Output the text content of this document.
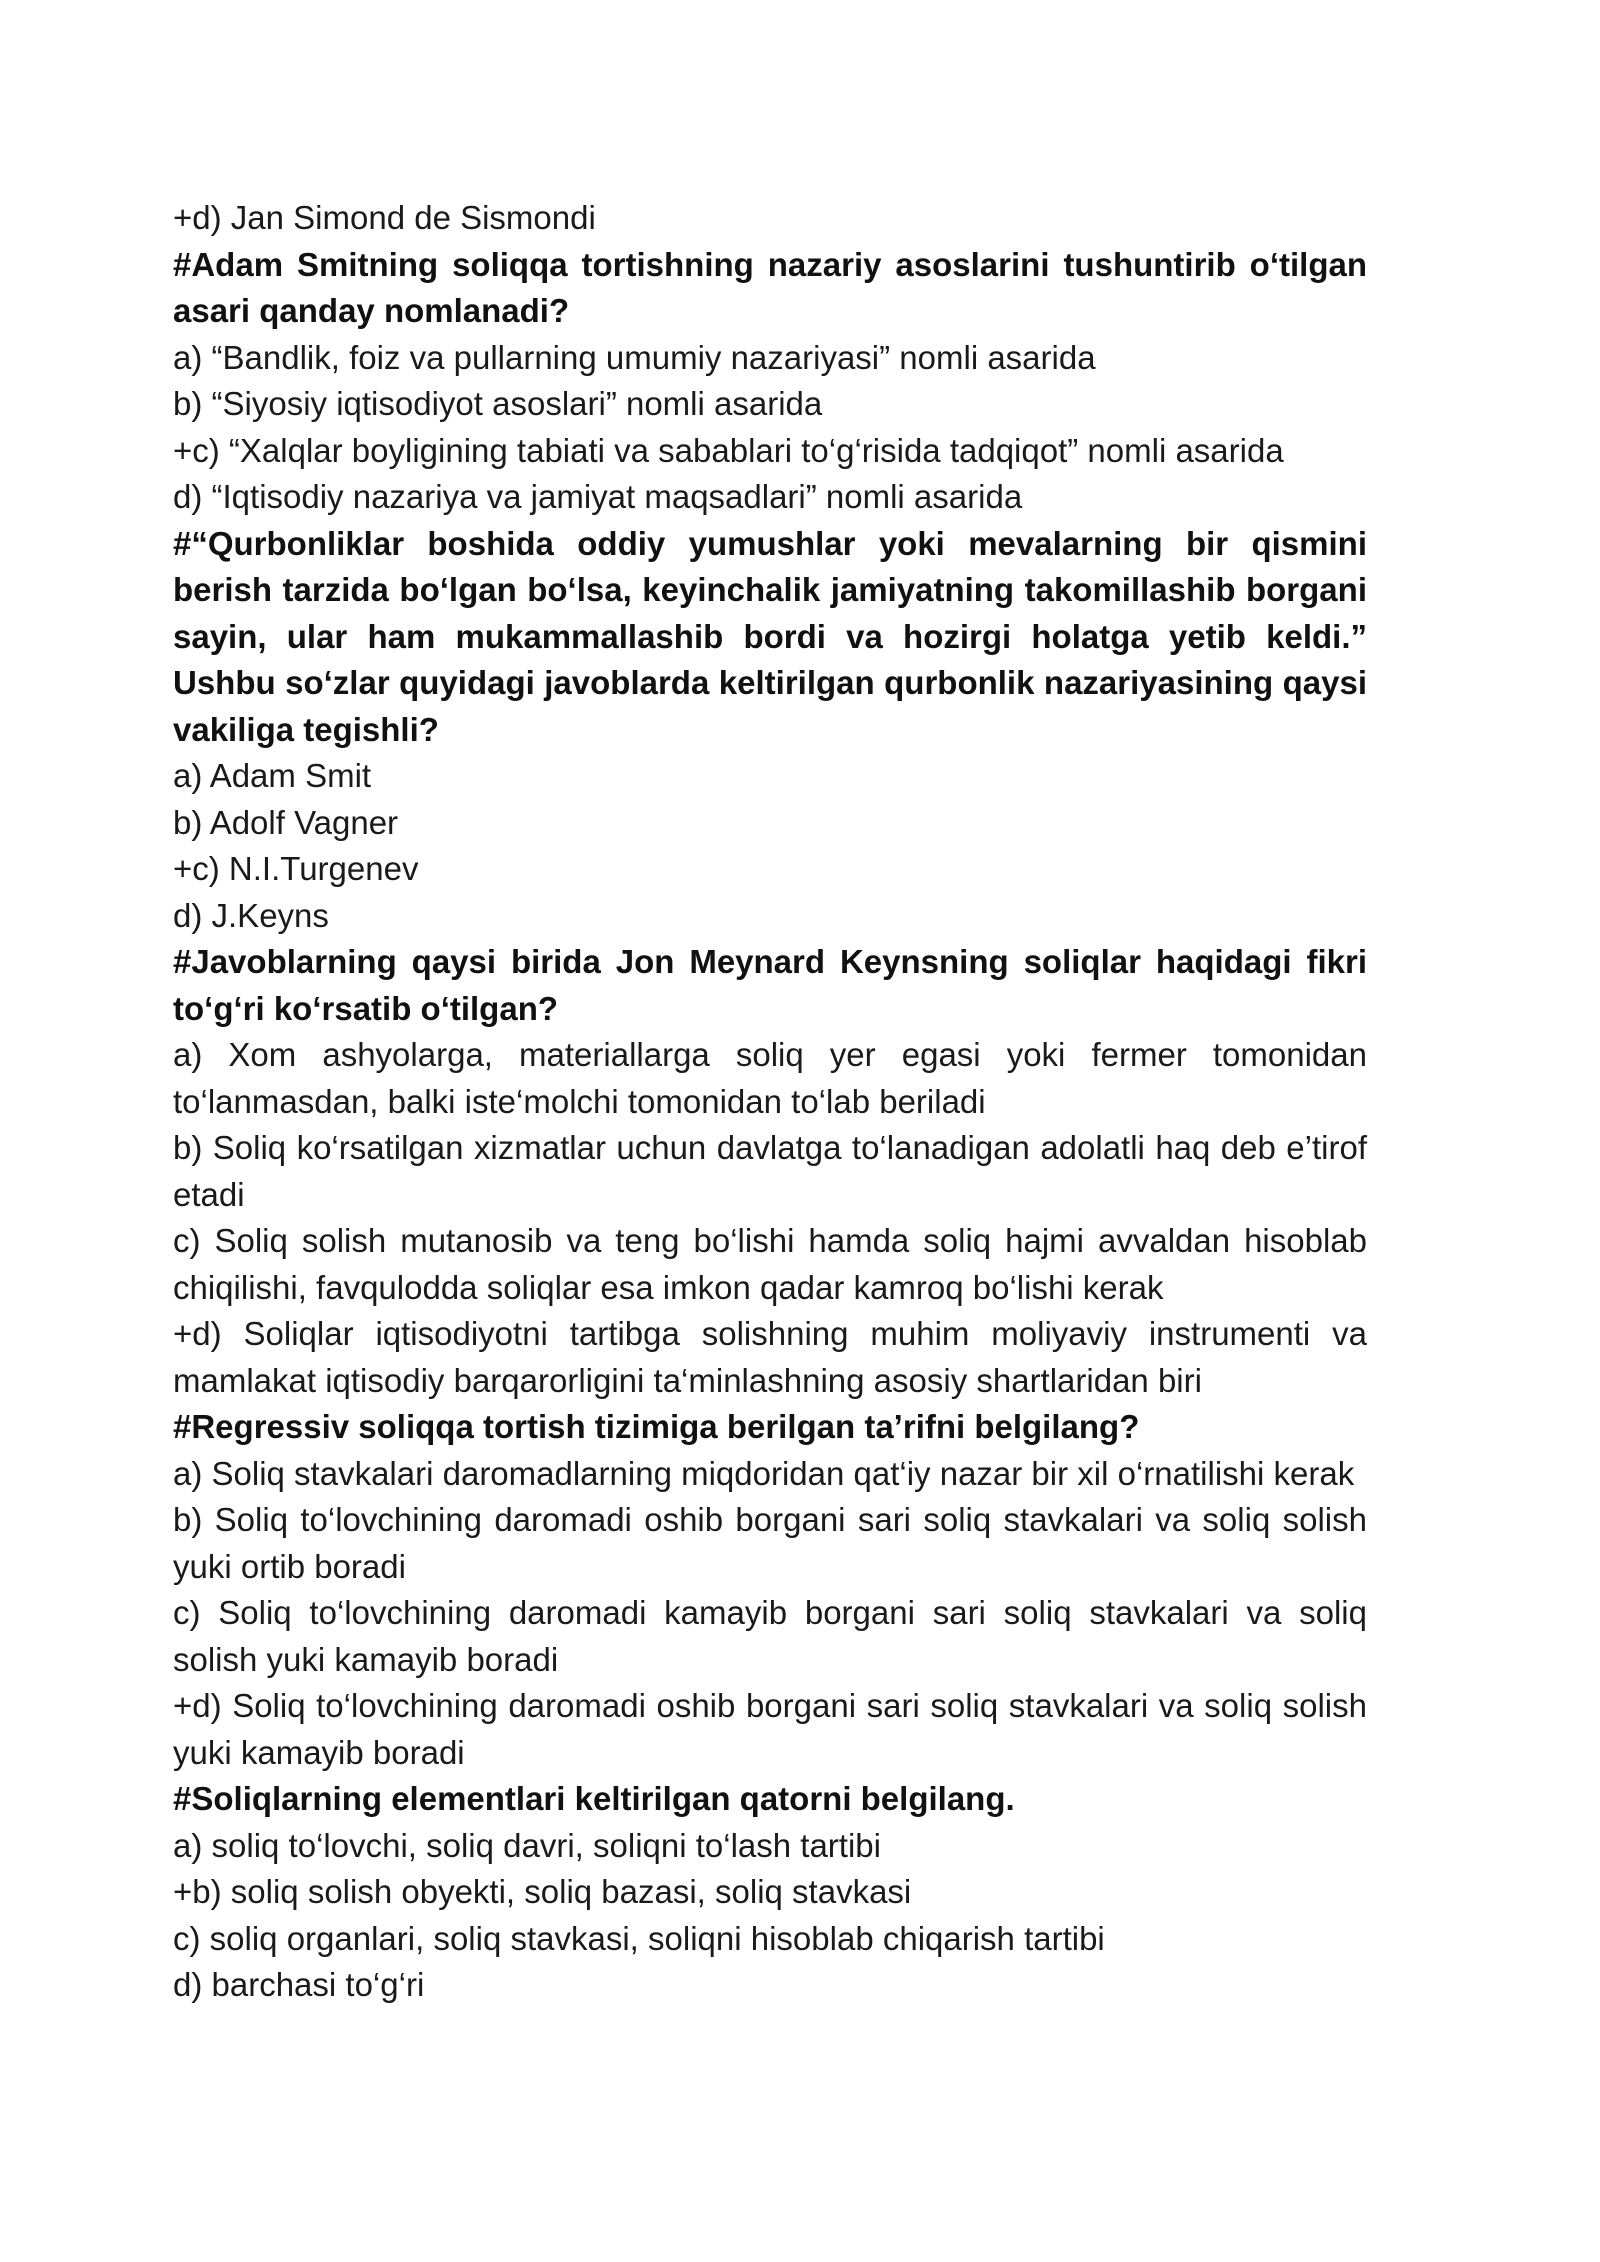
+d) Jan Simond de Sismondi

#Adam Smitning soliqqa tortishning nazariy asoslarini tushuntirib o‘tilgan asari qanday nomlanadi?

a) “Bandlik, foiz va pullarning umumiy nazariyasi” nomli asarida

b) “Siyosiy iqtisodiyot asoslari” nomli asarida

+c) “Xalqlar boyligining tabiati va sabablari to‘g‘risida tadqiqot” nomli asarida

d) “Iqtisodiy nazariya va jamiyat maqsadlari” nomli asarida

#“Qurbonliklar boshida oddiy yumushlar yoki mevalarning bir qismini berish tarzida bo‘lgan bo‘lsa, keyinchalik jamiyatning takomillashib borgani sayin, ular ham mukammallashib bordi va hozirgi holatga yetib keldi.” Ushbu so‘zlar quyidagi javoblarda keltirilgan qurbonlik nazariyasining qaysi vakiliga tegishli?

a) Adam Smit

b) Adolf Vagner

+c) N.I.Turgenev

d) J.Keyns

#Javoblarning qaysi birida Jon Meynard Keynsning soliqlar haqidagi fikri to‘g‘ri ko‘rsatib o‘tilgan?

a) Xom ashyolarga, materiallarga soliq yer egasi yoki fermer tomonidan to‘lanmasdan, balki iste‘molchi tomonidan to‘lab beriladi

b) Soliq ko‘rsatilgan xizmatlar uchun davlatga to‘lanadigan adolatli haq deb e’tirof etadi

c) Soliq solish mutanosib va teng bo‘lishi hamda soliq hajmi avvaldan hisoblab chiqilishi, favqulodda soliqlar esa imkon qadar kamroq bo‘lishi kerak

+d) Soliqlar iqtisodiyotni tartibga solishning muhim moliyaviy instrumenti va mamlakat iqtisodiy barqarorligini ta‘minlashning asosiy shartlaridan biri

#Regressiv soliqqa tortish tizimiga berilgan ta’rifni belgilang?

a) Soliq stavkalari daromadlarning miqdoridan qat‘iy nazar bir xil o‘rnatilishi kerak

b) Soliq to‘lovchining daromadi oshib borgani sari soliq stavkalari va soliq solish yuki ortib boradi

c) Soliq to‘lovchining daromadi kamayib borgani sari soliq stavkalari va soliq solish yuki kamayib boradi

+d) Soliq to‘lovchining daromadi oshib borgani sari soliq stavkalari va soliq solish yuki kamayib boradi

#Soliqlarning elementlari keltirilgan qatorni belgilang.

a) soliq to‘lovchi, soliq davri, soliqni to‘lash tartibi

+b) soliq solish obyekti, soliq bazasi, soliq stavkasi

c) soliq organlari, soliq stavkasi, soliqni hisoblab chiqarish tartibi

d) barchasi to‘g‘ri
